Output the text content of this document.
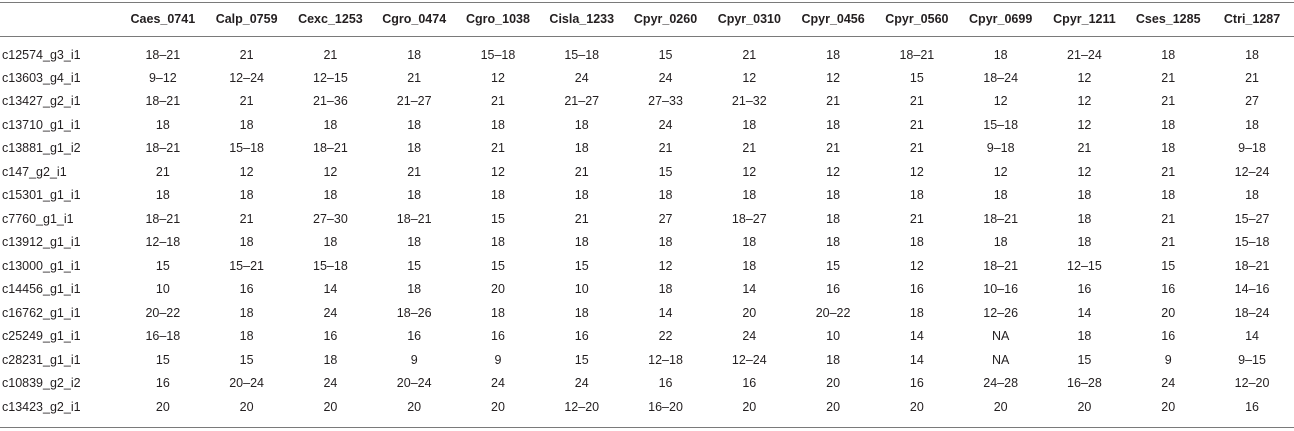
	Caes_0741	Calp_0759	Cexc_1253	Cgro_0474	Cgro_1038	Cisla_1233	Cpyr_0260	Cpyr_0310	Cpyr_0456	Cpyr_0560	Cpyr_0699	Cpyr_1211	Cses_1285	Ctri_1287
c12574_g3_i1	18–21	21	21	18	15–18	15–18	15	21	18	18–21	18	21–24	18	18
c13603_g4_i1	9–12	12–24	12–15	21	12	24	24	12	12	15	18–24	12	21	21
c13427_g2_i1	18–21	21	21–36	21–27	21	21–27	27–33	21–32	21	21	12	12	21	27
c13710_g1_i1	18	18	18	18	18	18	24	18	18	21	15–18	12	18	18
c13881_g1_i2	18–21	15–18	18–21	18	21	18	21	21	21	21	9–18	21	18	9–18
c147_g2_i1	21	12	12	21	12	21	15	12	12	12	12	12	21	12–24
c15301_g1_i1	18	18	18	18	18	18	18	18	18	18	18	18	18	18
c7760_g1_i1	18–21	21	27–30	18–21	15	21	27	18–27	18	21	18–21	18	21	15–27
c13912_g1_i1	12–18	18	18	18	18	18	18	18	18	18	18	18	21	15–18
c13000_g1_i1	15	15–21	15–18	15	15	15	12	18	15	12	18–21	12–15	15	18–21
c14456_g1_i1	10	16	14	18	20	10	18	14	16	16	10–16	16	16	14–16
c16762_g1_i1	20–22	18	24	18–26	18	18	14	20	20–22	18	12–26	14	20	18–24
c25249_g1_i1	16–18	18	16	16	16	16	22	24	10	14	NA	18	16	14
c28231_g1_i1	15	15	18	9	9	15	12–18	12–24	18	14	NA	15	9	9–15
c10839_g2_i2	16	20–24	24	20–24	24	24	16	16	20	16	24–28	16–28	24	12–20
c13423_g2_i1	20	20	20	20	20	12–20	16–20	20	20	20	20	20	20	16
